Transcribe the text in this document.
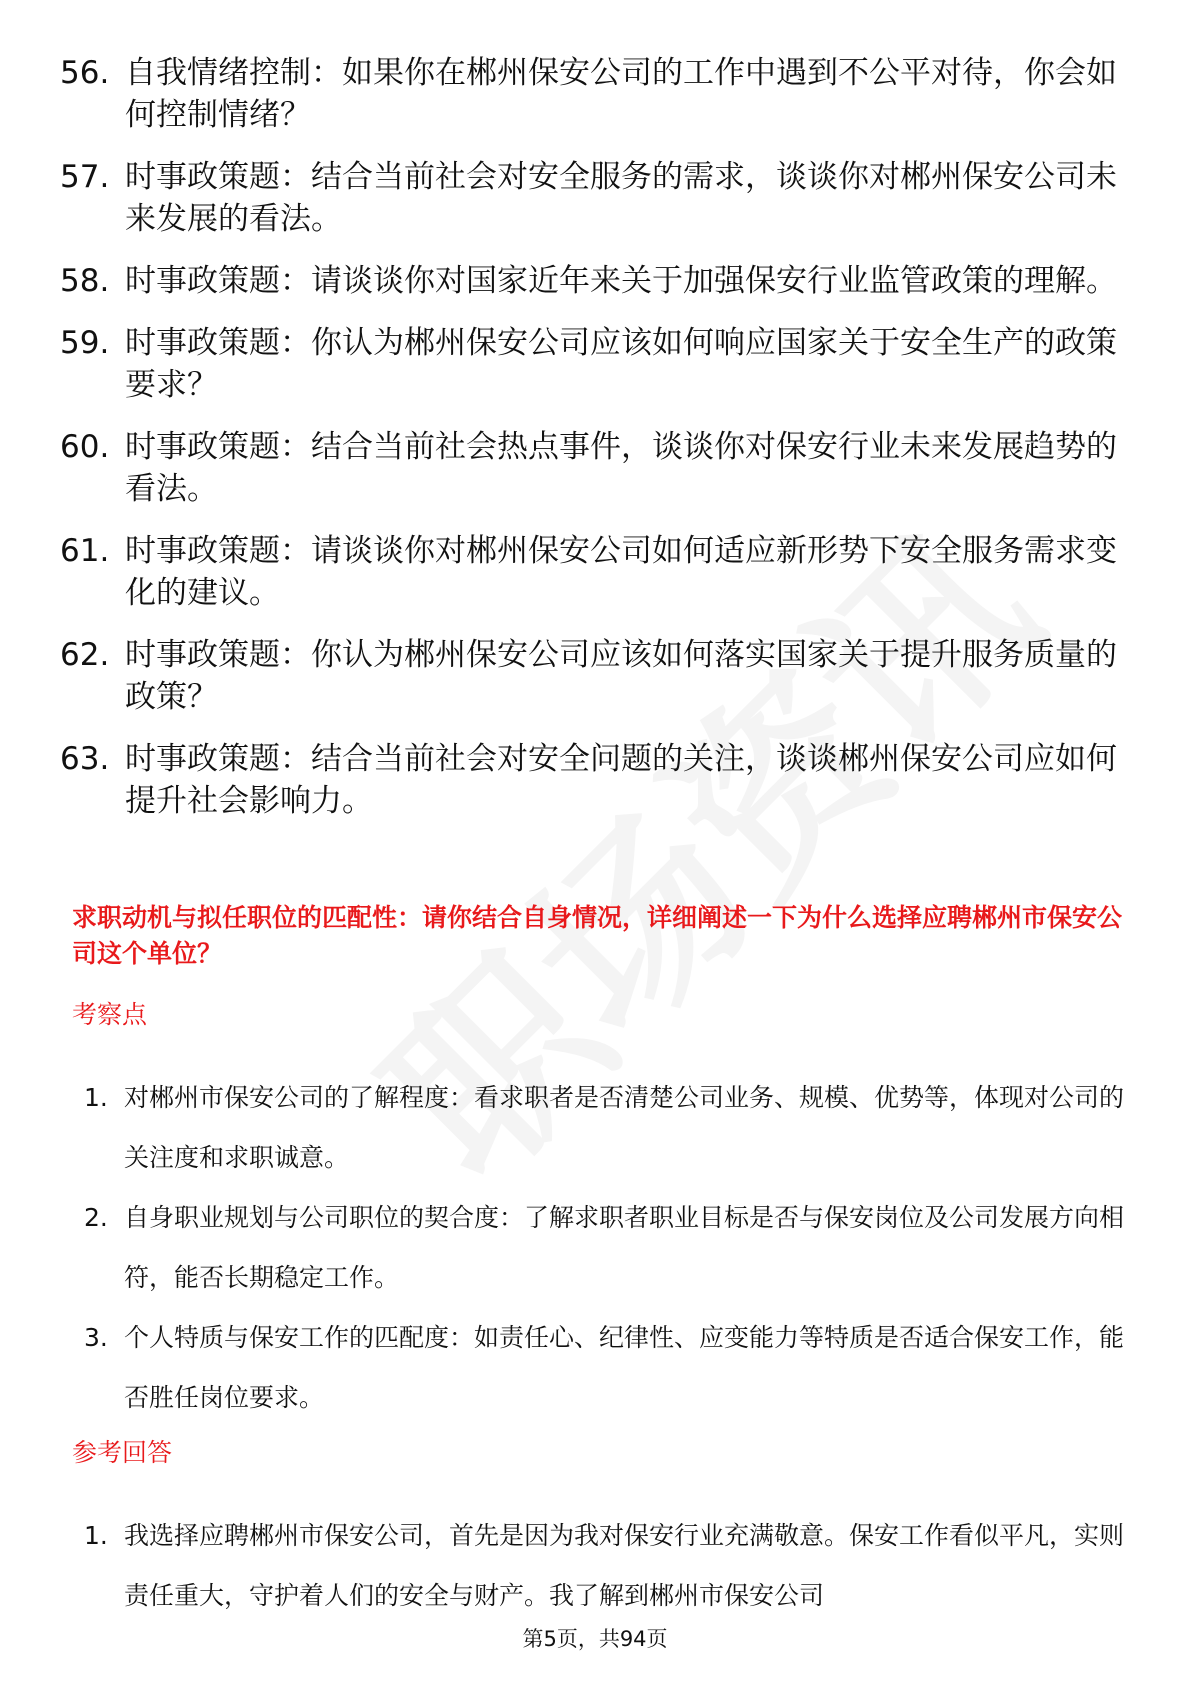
56. 自我情绪控制：如果你在郴州保安公司的工作中遇到不公平对待，你会如何控制情绪？
57. 时事政策题：结合当前社会对安全服务的需求，谈谈你对郴州保安公司未来发展的看法。
58. 时事政策题：请谈谈你对国家近年来关于加强保安行业监管政策的理解。
59. 时事政策题：你认为郴州保安公司应该如何响应国家关于安全生产的政策要求？
60. 时事政策题：结合当前社会热点事件，谈谈你对保安行业未来发展趋势的看法。
61. 时事政策题：请谈谈你对郴州保安公司如何适应新形势下安全服务需求变化的建议。
62. 时事政策题：你认为郴州保安公司应该如何落实国家关于提升服务质量的政策？
63. 时事政策题：结合当前社会对安全问题的关注，谈谈郴州保安公司应如何提升社会影响力。
求职动机与拟任职位的匹配性：请你结合自身情况，详细阐述一下为什么选择应聘郴州市保安公司这个单位？
考察点
1. 对郴州市保安公司的了解程度：看求职者是否清楚公司业务、规模、优势等，体现对公司的关注度和求职诚意。
2. 自身职业规划与公司职位的契合度：了解求职者职业目标是否与保安岗位及公司发展方向相符，能否长期稳定工作。
3. 个人特质与保安工作的匹配度：如责任心、纪律性、应变能力等特质是否适合保安工作，能否胜任岗位要求。
参考回答
1. 我选择应聘郴州市保安公司，首先是因为我对保安行业充满敬意。保安工作看似平凡，实则责任重大，守护着人们的安全与财产。我了解到郴州市保安公司
第5页，共94页
